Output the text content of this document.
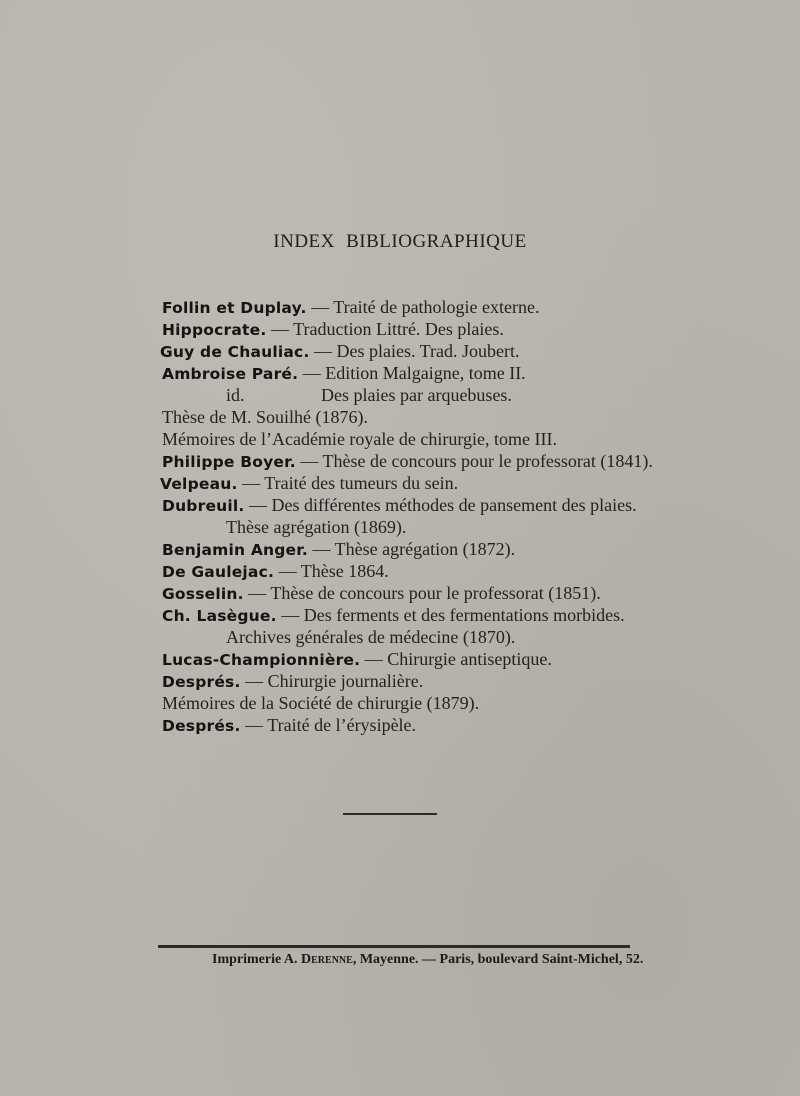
INDEX BIBLIOGRAPHIQUE
Follin et Duplay. — Traité de pathologie externe.
Hippocrate. — Traduction Littré. Des plaies.
Guy de Chauliac. — Des plaies. Trad. Joubert.
Ambroise Paré. — Edition Malgaigne, tome II.
id.                 Des plaies par arquebuses.
Thèse de M. Souilhé (1876).
Mémoires de l’Académie royale de chirurgie, tome III.
Philippe Boyer. — Thèse de concours pour le professorat (1841).
Velpeau. — Traité des tumeurs du sein.
Dubreuil. — Des différentes méthodes de pansement des plaies.
Thèse agrégation (1869).
Benjamin Anger. — Thèse agrégation (1872).
De Gaulejac. — Thèse 1864.
Gosselin. — Thèse de concours pour le professorat (1851).
Ch. Lasègue. — Des ferments et des fermentations morbides.
Archives générales de médecine (1870).
Lucas-Championnière. — Chirurgie antiseptique.
Després. — Chirurgie journalière.
Mémoires de la Société de chirurgie (1879).
Després. — Traité de l’érysipèle.
Imprimerie A. Derenne, Mayenne. — Paris, boulevard Saint-Michel, 52.
